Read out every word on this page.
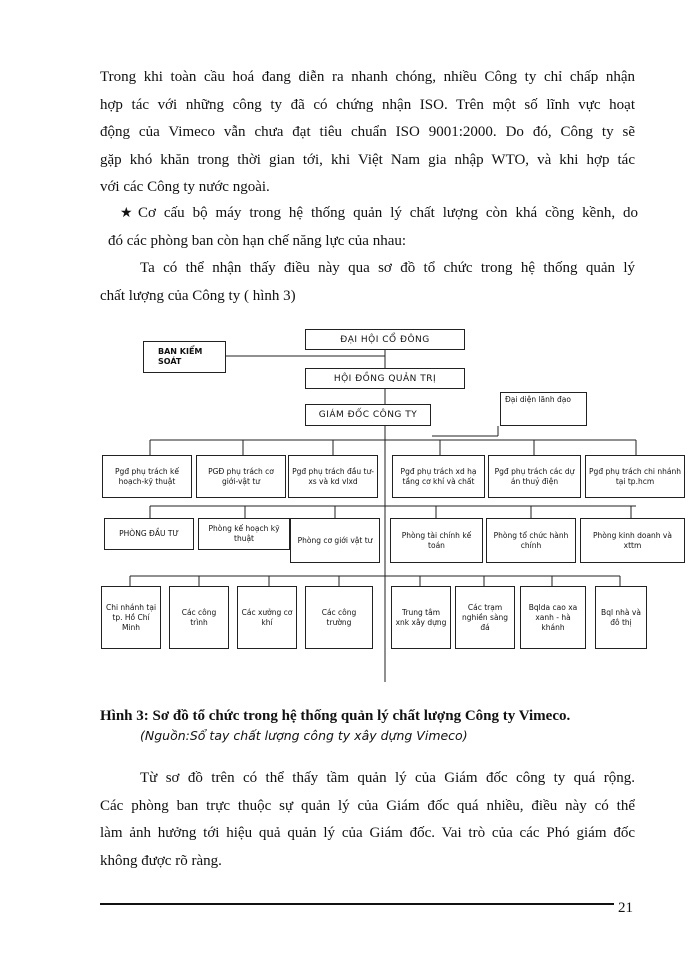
Trong khi toàn cầu hoá đang diễn ra nhanh chóng, nhiều Công ty chỉ chấp nhận

hợp tác với những công ty đã có chứng nhận ISO. Trên một số lĩnh vực hoạt

động của Vimeco vẫn chưa đạt tiêu chuẩn ISO 9001:2000. Do đó, Công ty sẽ

gặp khó khăn trong thời gian tới, khi Việt Nam gia nhập WTO, và khi hợp tác

với các Công ty nước ngoài.

★ Cơ cấu bộ máy trong hệ thống quản lý chất lượng còn khá cồng kềnh, do

đó các phòng ban còn hạn chế năng lực của nhau:

Ta có thể nhận thấy điều này qua sơ đồ tổ chức trong hệ thống quản lý

chất lượng của Công ty ( hình 3)

ĐẠI HỘI CỔ ĐÔNG
BAN KIỂM SOÁT
HỘI ĐỒNG QUẢN TRỊ
GIÁM ĐỐC CÔNG TY
Đại diện lãnh đạo
Pgđ phụ trách kế hoạch-kỹ thuật
PGĐ phụ trách cơ giới-vật tư
Pgđ phụ trách đầu tư-xs và kd vlxd
Pgđ phụ trách xd hạ tầng cơ khí và chất
Pgđ phụ trách các dự án thuỷ điện
Pgđ phụ trách chi nhánh tại tp.hcm
PHÒNG ĐẦU TƯ
Phòng kế hoạch kỹ thuật	Phòng cơ giới vật tư
Phòng tài chính kế toán
Phòng tổ chức hành chính
Phòng kinh doanh và xttm
Chi nhánh tại tp. Hồ Chí Minh
Các công trình
Các xưởng cơ khí
Các công trường
Trung tâm xnk xây dựng
Các trạm nghiền sàng đá
Bqlda cao xa xanh - hà khánh
Bql nhà và đô thị
Hình 3: Sơ đồ tổ chức trong hệ thống quản lý chất lượng Công ty Vimeco.
(Nguồn:Sổ tay chất lượng công ty xây dựng Vimeco)

Từ sơ đồ trên có thể thấy tầm quản lý của Giám đốc công ty quá rộng.

Các phòng ban trực thuộc sự quản lý của Giám đốc quá nhiều, điều này có thể

làm ảnh hưởng tới hiệu quả quản lý của Giám đốc. Vai trò của các Phó giám đốc

không được rõ ràng.

21
